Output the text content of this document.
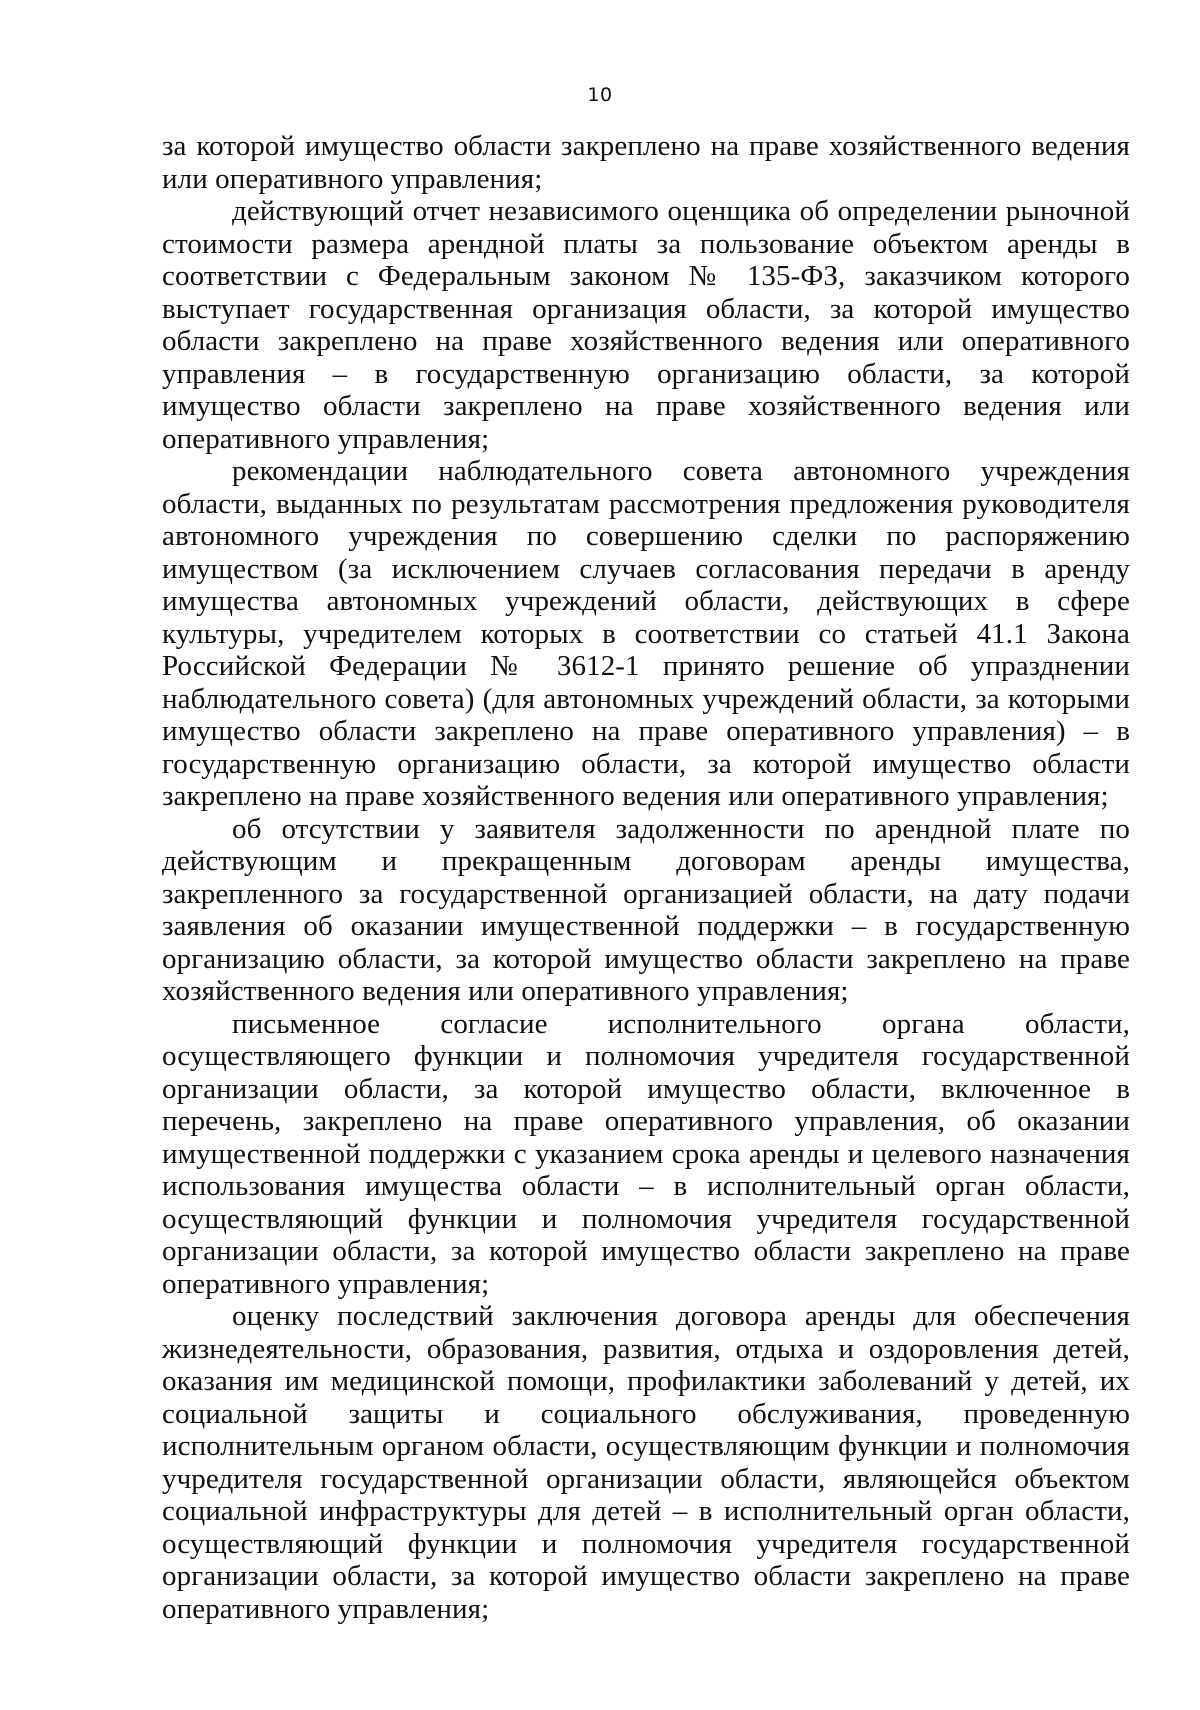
10

за которой имущество области закреплено на праве хозяйственного ведения или оперативного управления;

действующий отчет независимого оценщика об определении рыночной стоимости размера арендной платы за пользование объектом аренды в соответствии с Федеральным законом № 135-ФЗ, заказчиком которого выступает государственная организация области, за которой имущество области закреплено на праве хозяйственного ведения или оперативного управления – в государственную организацию области, за которой имущество области закреплено на праве хозяйственного ведения или оперативного управления;

рекомендации наблюдательного совета автономного учреждения области, выданных по результатам рассмотрения предложения руководителя автономного учреждения по совершению сделки по распоряжению имуществом (за исключением случаев согласования передачи в аренду имущества автономных учреждений области, действующих в сфере культуры, учредителем которых в соответствии со статьей 41.1 Закона Российской Федерации № 3612-1 принято решение об упразднении наблюдательного совета) (для автономных учреждений области, за которыми имущество области закреплено на праве оперативного управления) – в государственную организацию области, за которой имущество области закреплено на праве хозяйственного ведения или оперативного управления;

об отсутствии у заявителя задолженности по арендной плате по действующим и прекращенным договорам аренды имущества, закрепленного за государственной организацией области, на дату подачи заявления об оказании имущественной поддержки – в государственную организацию области, за которой имущество области закреплено на праве хозяйственного ведения или оперативного управления;

письменное согласие исполнительного органа области, осуществляющего функции и полномочия учредителя государственной организации области, за которой имущество области, включенное в перечень, закреплено на праве оперативного управления, об оказании имущественной поддержки с указанием срока аренды и целевого назначения использования имущества области – в исполнительный орган области, осуществляющий функции и полномочия учредителя государственной организации области, за которой имущество области закреплено на праве оперативного управления;

оценку последствий заключения договора аренды для обеспечения жизнедеятельности, образования, развития, отдыха и оздоровления детей, оказания им медицинской помощи, профилактики заболеваний у детей, их социальной защиты и социального обслуживания, проведенную исполнительным органом области, осуществляющим функции и полномочия учредителя государственной организации области, являющейся объектом социальной инфраструктуры для детей – в исполнительный орган области, осуществляющий функции и полномочия учредителя государственной организации области, за которой имущество области закреплено на праве оперативного управления;
